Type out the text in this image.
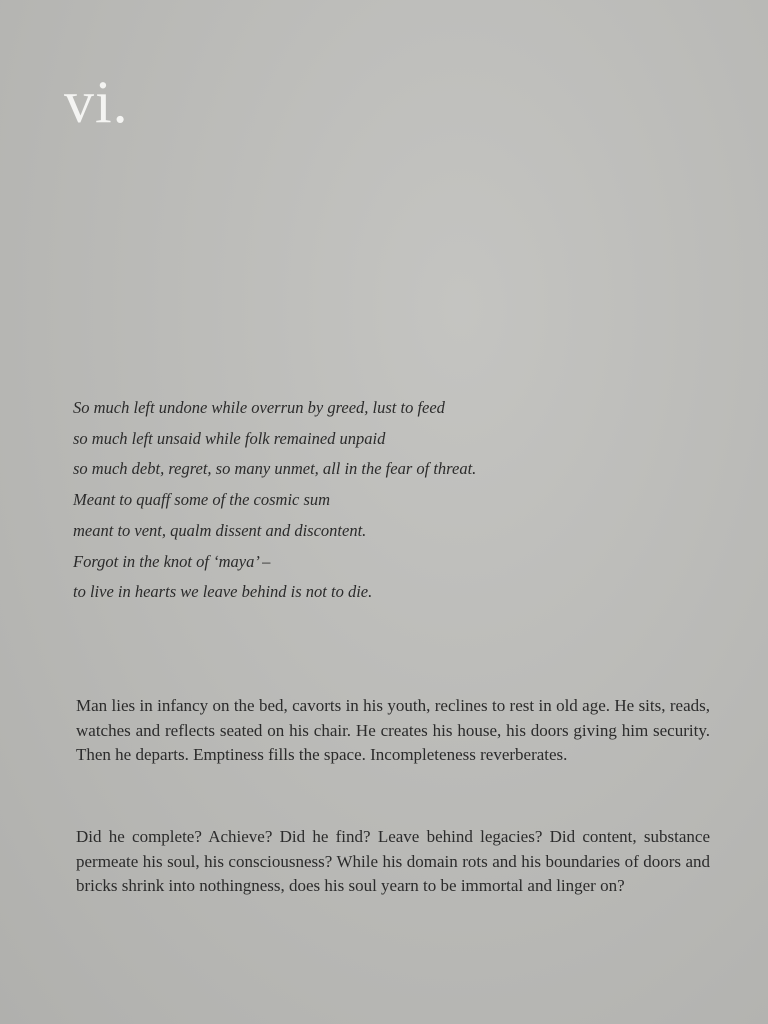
vi.
So much left undone while overrun by greed, lust to feed
so much left unsaid while folk remained unpaid
so much debt, regret, so many unmet, all in the fear of threat.
Meant to quaff some of the cosmic sum
meant to vent, qualm dissent and discontent.
Forgot in the knot of ‘maya’ –
to live in hearts we leave behind is not to die.

Man lies in infancy on the bed, cavorts in his youth, reclines to rest in old age. He sits, reads, watches and reflects seated on his chair. He creates his house, his doors giving him security. Then he departs. Emptiness fills the space. Incompleteness reverberates.

Did he complete? Achieve? Did he find? Leave behind legacies? Did content, substance permeate his soul, his consciousness? While his domain rots and his boundaries of doors and bricks shrink into nothingness, does his soul yearn to be immortal and linger on?
